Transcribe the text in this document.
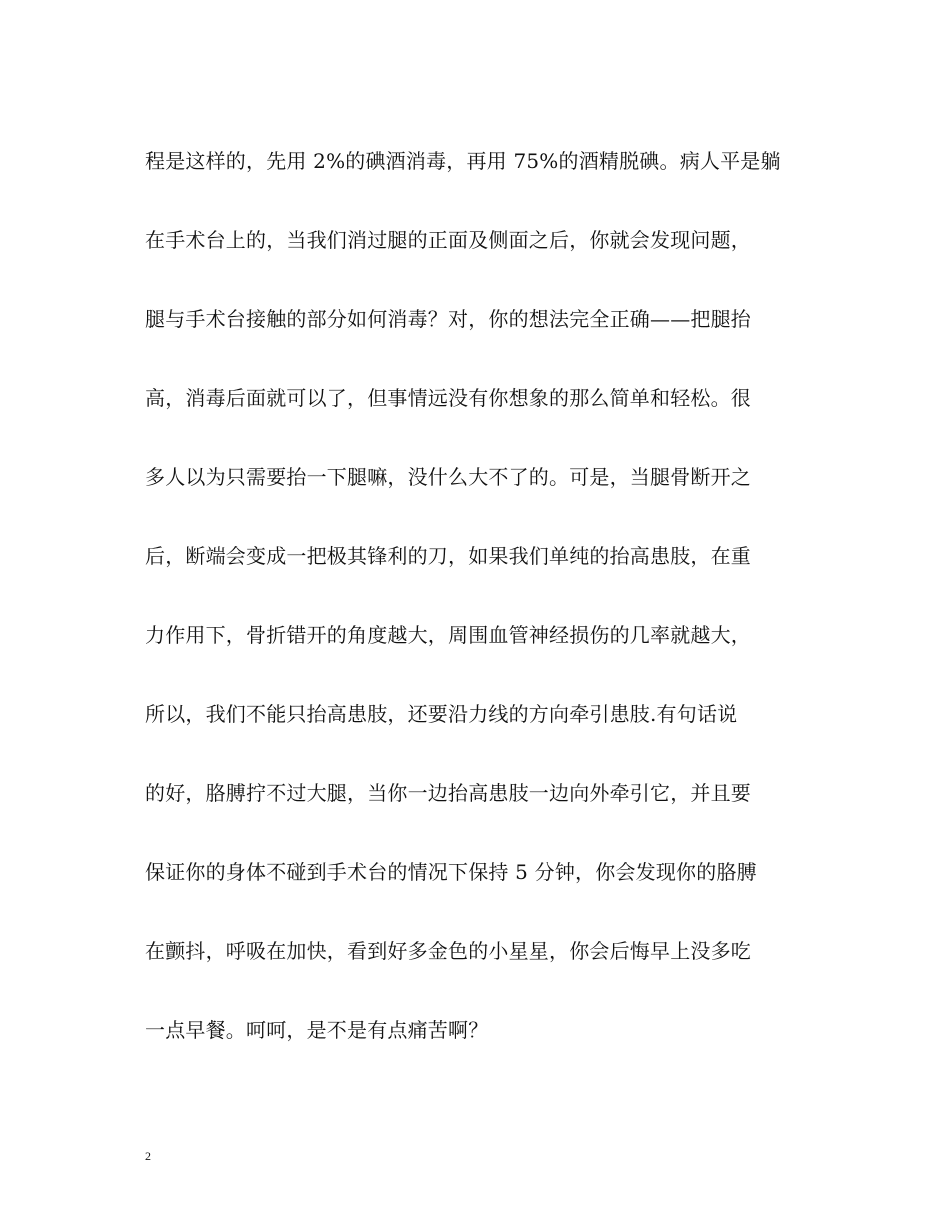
程是这样的，先用 2%的碘酒消毒，再用 75%的酒精脱碘。病人平是躺
在手术台上的，当我们消过腿的正面及侧面之后，你就会发现问题，
腿与手术台接触的部分如何消毒？对，你的想法完全正确——把腿抬
高，消毒后面就可以了，但事情远没有你想象的那么简单和轻松。很
多人以为只需要抬一下腿嘛，没什么大不了的。可是，当腿骨断开之
后，断端会变成一把极其锋利的刀，如果我们单纯的抬高患肢，在重
力作用下，骨折错开的角度越大，周围血管神经损伤的几率就越大，
所以，我们不能只抬高患肢，还要沿力线的方向牵引患肢.有句话说
的好，胳膊拧不过大腿，当你一边抬高患肢一边向外牵引它，并且要
保证你的身体不碰到手术台的情况下保持 5 分钟，你会发现你的胳膊
在颤抖，呼吸在加快，看到好多金色的小星星，你会后悔早上没多吃
一点早餐。呵呵，是不是有点痛苦啊？
2
